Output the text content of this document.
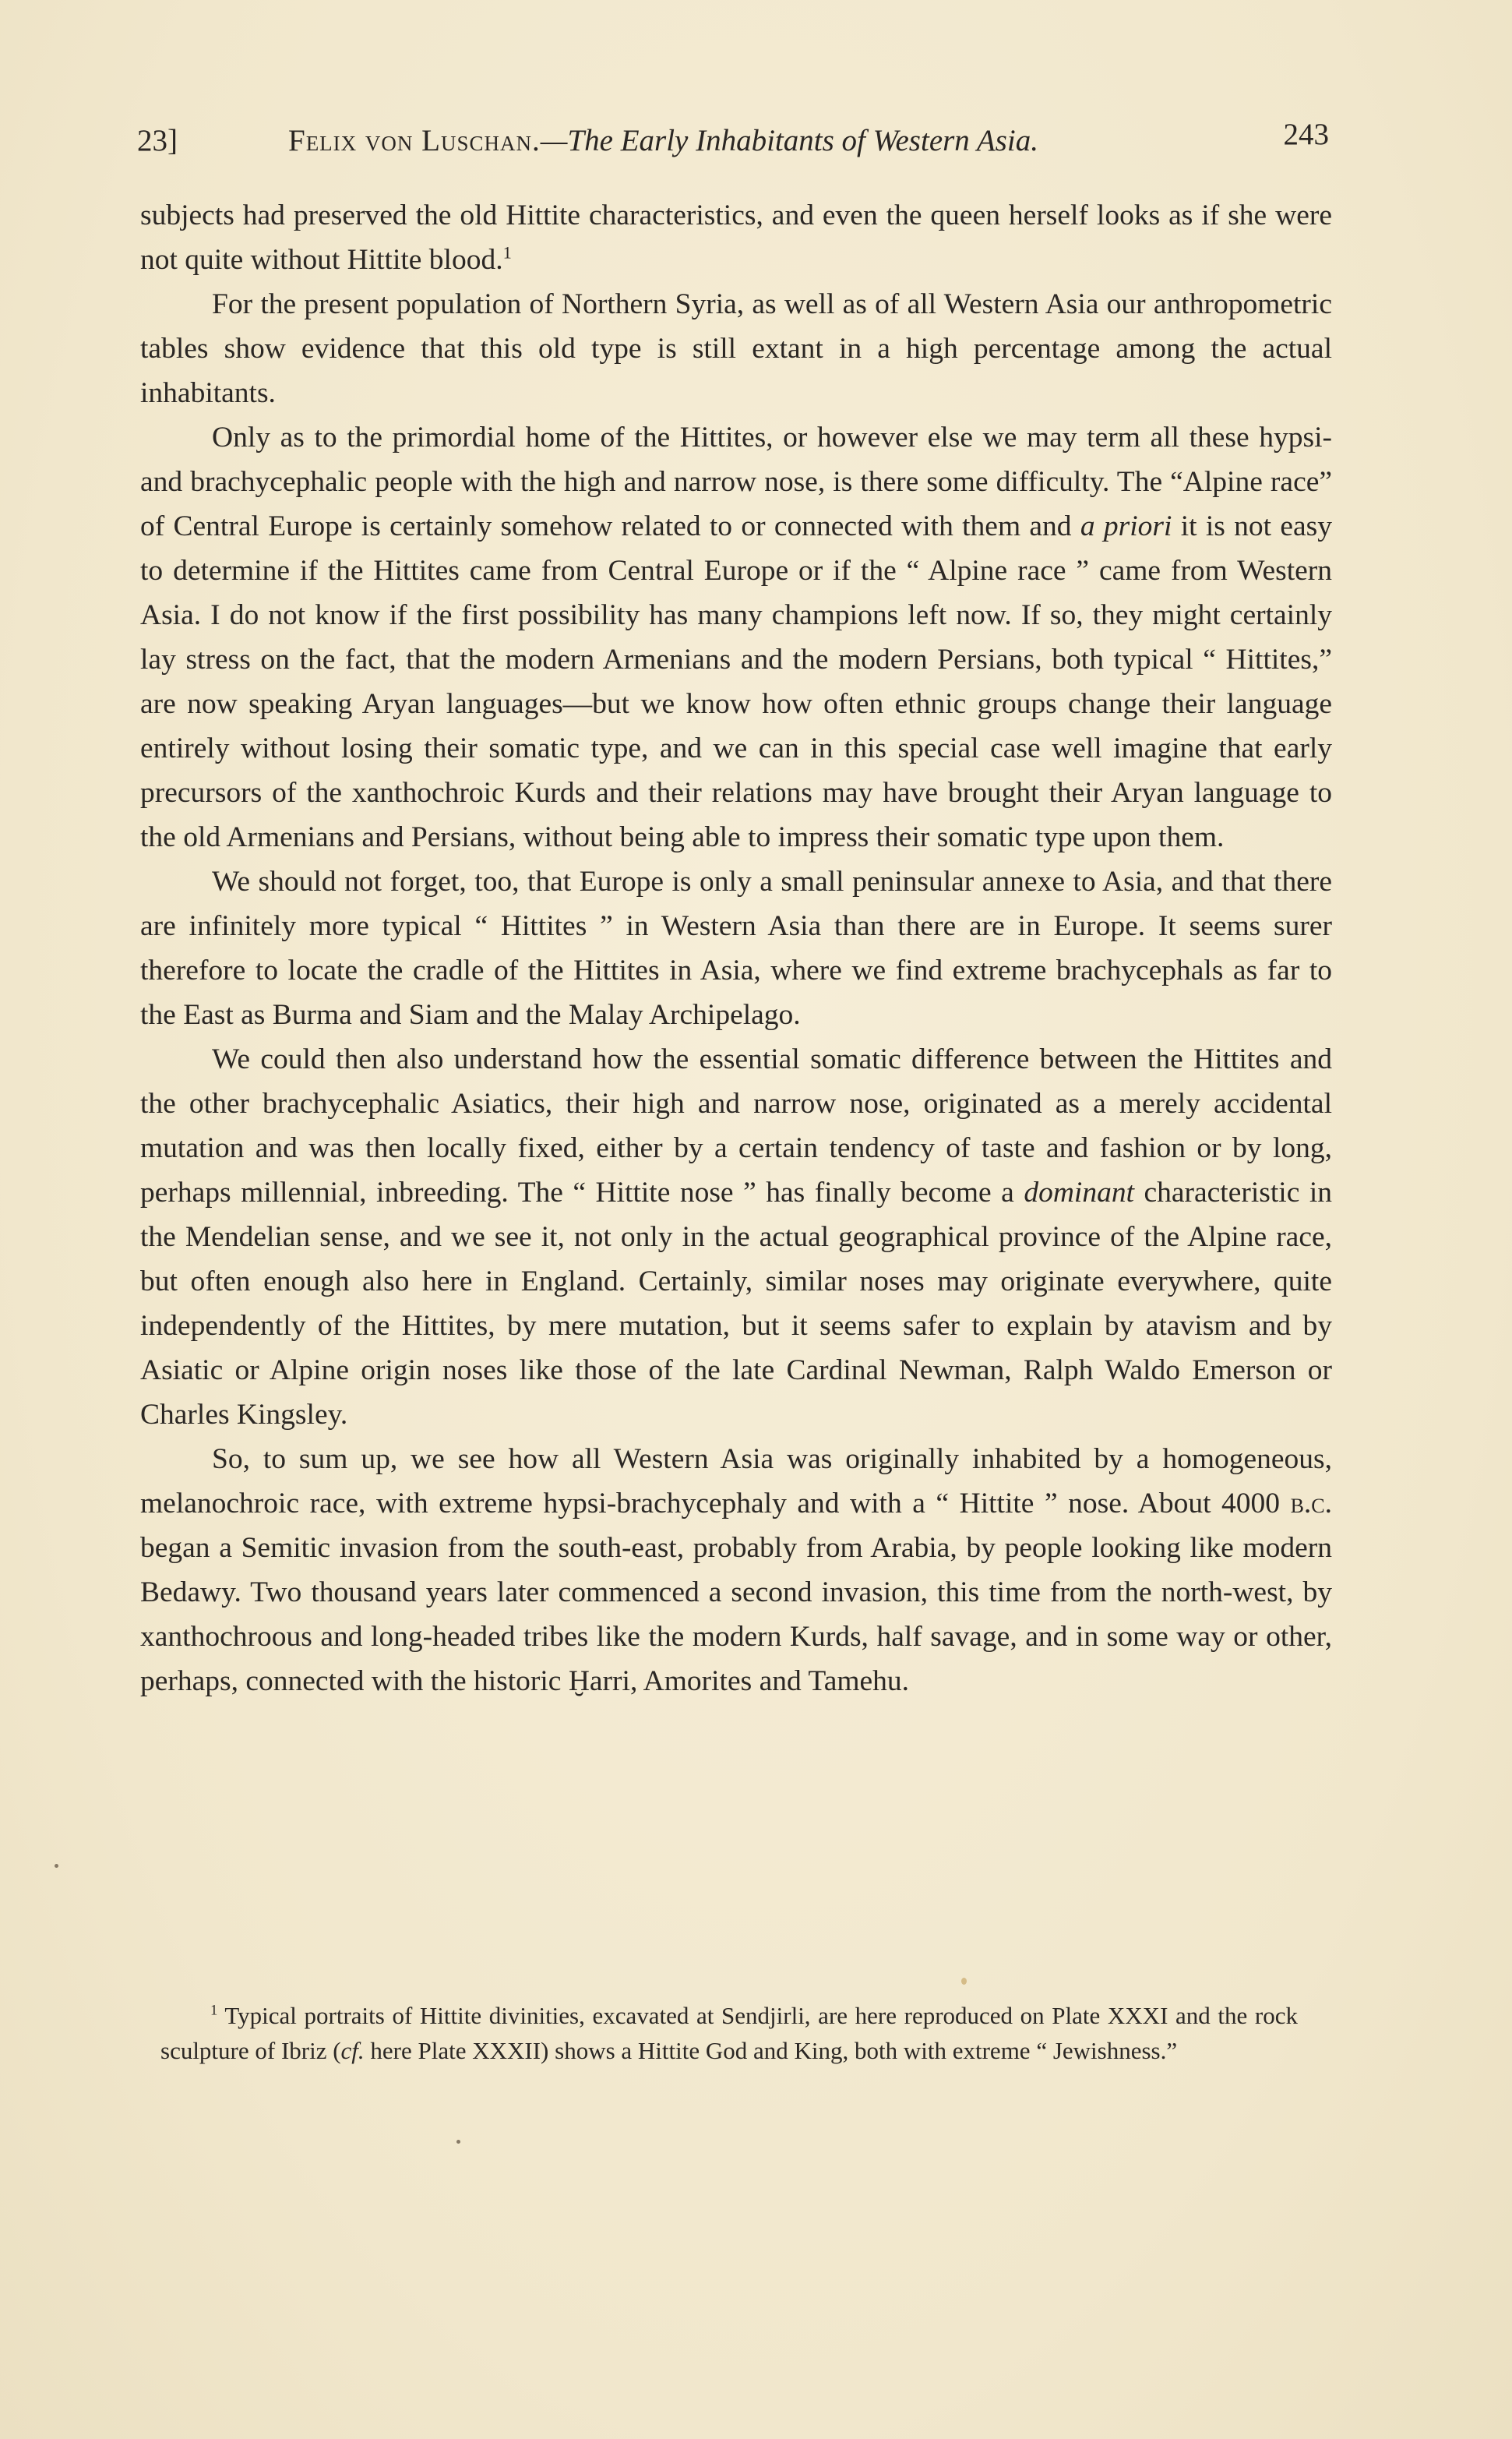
23]	Felix von Luschan.—The Early Inhabitants of Western Asia.	243

subjects had preserved the old Hittite characteristics, and even the queen herself looks as if she were not quite without Hittite blood.$^1$

For the present population of Northern Syria, as well as of all Western Asia our anthropometric tables show evidence that this old type is still extant in a high percentage among the actual inhabitants.

Only as to the primordial home of the Hittites, or however else we may term all these hypsi- and brachycephalic people with the high and narrow nose, is there some difficulty. The “Alpine race” of Central Europe is certainly somehow related to or connected with them and a priori it is not easy to determine if the Hittites came from Central Europe or if the “ Alpine race ” came from Western Asia. I do not know if the first possibility has many champions left now. If so, they might certainly lay stress on the fact, that the modern Armenians and the modern Persians, both typical “ Hittites,” are now speaking Aryan languages—but we know how often ethnic groups change their language entirely without losing their somatic type, and we can in this special case well imagine that early precursors of the xanthochroic Kurds and their relations may have brought their Aryan language to the old Armenians and Persians, without being able to impress their somatic type upon them.

We should not forget, too, that Europe is only a small peninsular annexe to Asia, and that there are infinitely more typical “ Hittites ” in Western Asia than there are in Europe. It seems surer therefore to locate the cradle of the Hittites in Asia, where we find extreme brachycephals as far to the East as Burma and Siam and the Malay Archipelago.

We could then also understand how the essential somatic difference between the Hittites and the other brachycephalic Asiatics, their high and narrow nose, originated as a merely accidental mutation and was then locally fixed, either by a certain tendency of taste and fashion or by long, perhaps millennial, inbreeding. The “ Hittite nose ” has finally become a dominant characteristic in the Mendelian sense, and we see it, not only in the actual geographical province of the Alpine race, but often enough also here in England. Certainly, similar noses may originate everywhere, quite independently of the Hittites, by mere mutation, but it seems safer to explain by atavism and by Asiatic or Alpine origin noses like those of the late Cardinal Newman, Ralph Waldo Emerson or Charles Kingsley.

So, to sum up, we see how all Western Asia was originally inhabited by a homogeneous, melanochroic race, with extreme hypsi-brachycephaly and with a “ Hittite ” nose. About 4000 b.c. began a Semitic invasion from the south-east, probably from Arabia, by people looking like modern Bedawy. Two thousand years later commenced a second invasion, this time from the north-west, by xanthochroous and long-headed tribes like the modern Kurds, half savage, and in some way or other, perhaps, connected with the historic Ḫarri, Amorites and Tamehu.

$^1$ Typical portraits of Hittite divinities, excavated at Sendjirli, are here reproduced on Plate XXXI and the rock sculpture of Ibriz (cf. here Plate XXXII) shows a Hittite God and King, both with extreme “ Jewishness.”
